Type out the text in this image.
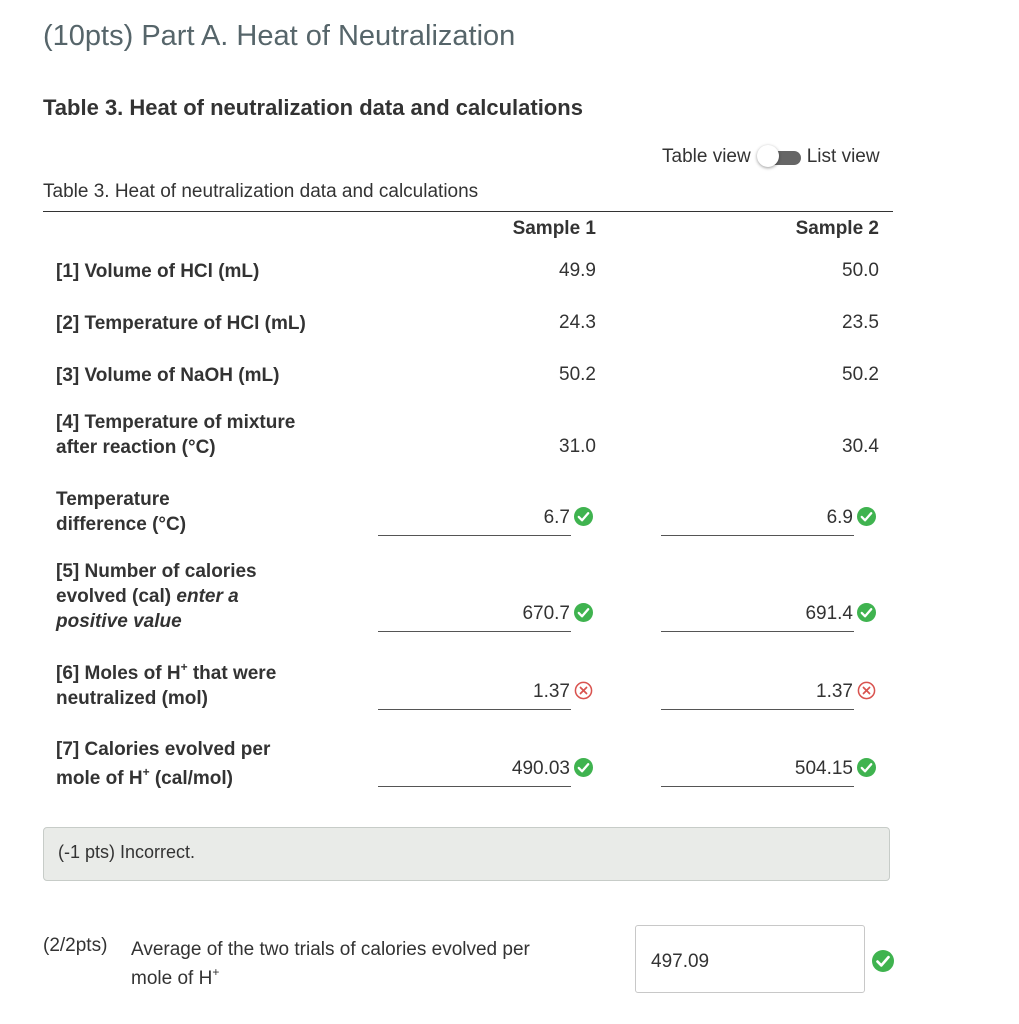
(10pts) Part A. Heat of Neutralization
Table 3. Heat of neutralization data and calculations
Table view	List view
Table 3. Heat of neutralization data and calculations
Sample 1	Sample 2
[1] Volume of HCl (mL)	49.9	50.0
[2] Temperature of HCl (mL)	24.3	23.5
[3] Volume of NaOH (mL)	50.2	50.2
[4] Temperature of mixture
after reaction (°C)	31.0	30.4
Temperature
difference (°C)	6.7	6.9
[5] Number of calories
evolved (cal) enter a
positive value	670.7	691.4
[6] Moles of H+ that were
neutralized (mol)	1.37	1.37
[7] Calories evolved per
mole of H+ (cal/mol)	490.03	504.15
(-1 pts) Incorrect.
(2/2pts) Average of the two trials of calories evolved per
mole of H+	497.09
